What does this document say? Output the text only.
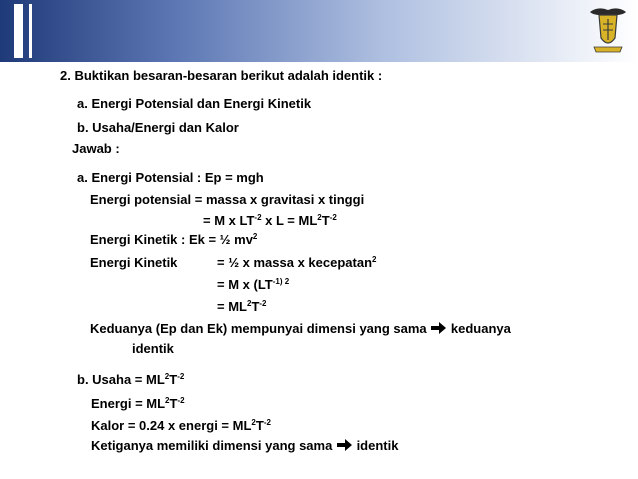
2. Buktikan besaran-besaran berikut adalah identik :
a. Energi Potensial dan Energi Kinetik
b. Usaha/Energi dan Kalor
Jawab :
a. Energi Potensial : Ep = mgh
Energi potensial = massa x gravitasi x tinggi
= M x $LT^{-2}$ x $L = ML^2T^{-2}$
Energi Kinetik : Ek = ½ $mv^2$
Energi Kinetik	= ½ x massa x kecepatan$^2$
= M x ($LT^{-1) 2}$
= $ML^2T^{-2}$
Keduanya (Ep dan Ek) mempunyai dimensi yang sama  keduanya
identik
b. Usaha = $ML^2T^{-2}$
Energi = $ML^2T^{-2}$
Kalor = 0.24 x energi = $ML^2T^{-2}$
Ketiganya memiliki dimensi yang sama  identik
